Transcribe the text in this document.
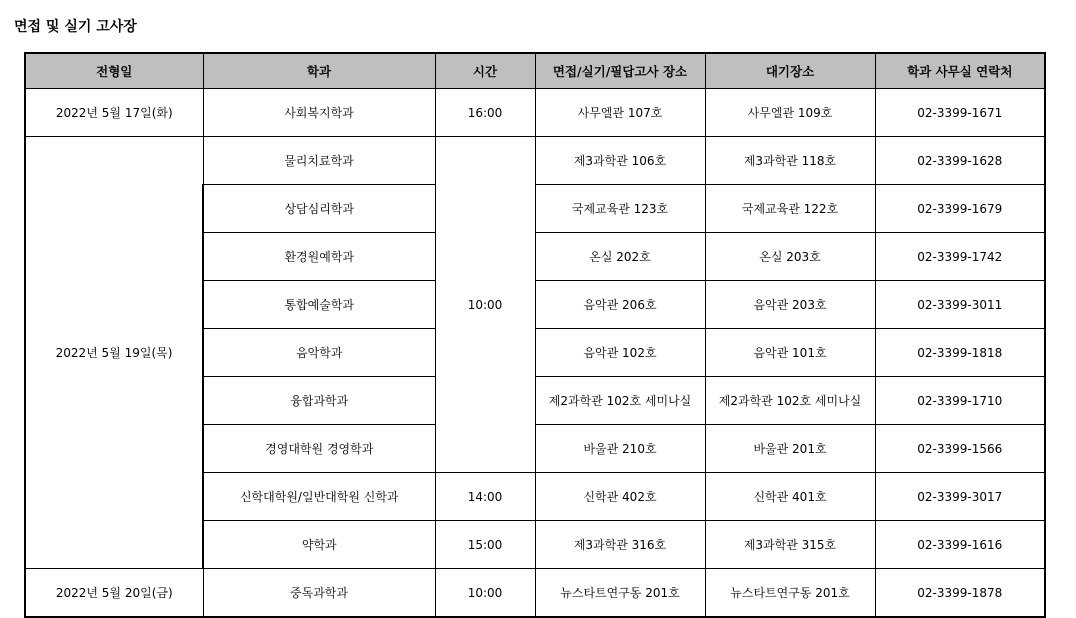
면접 및 실기 고사장
전형일	학과	시간	면접/실기/필답고사 장소	대기장소	학과 사무실 연락처
2022년 5월 17일(화)	사회복지학과	16:00	사무엘관 107호	사무엘관 109호	02-3399-1671
2022년 5월 19일(목)	물리치료학과	10:00	제3과학관 106호	제3과학관 118호	02-3399-1628
	상담심리학과		국제교육관 123호	국제교육관 122호	02-3399-1679
	환경원예학과		온실 202호	온실 203호	02-3399-1742
	통합예술학과		음악관 206호	음악관 203호	02-3399-3011
	음악학과		음악관 102호	음악관 101호	02-3399-1818
	융합과학과		제2과학관 102호 세미나실	제2과학관 102호 세미나실	02-3399-1710
	경영대학원 경영학과		바울관 210호	바울관 201호	02-3399-1566
	신학대학원/일반대학원 신학과	14:00	신학관 402호	신학관 401호	02-3399-3017
	약학과	15:00	제3과학관 316호	제3과학관 315호	02-3399-1616
2022년 5월 20일(금)	중독과학과	10:00	뉴스타트연구동 201호	뉴스타트연구동 201호	02-3399-1878
